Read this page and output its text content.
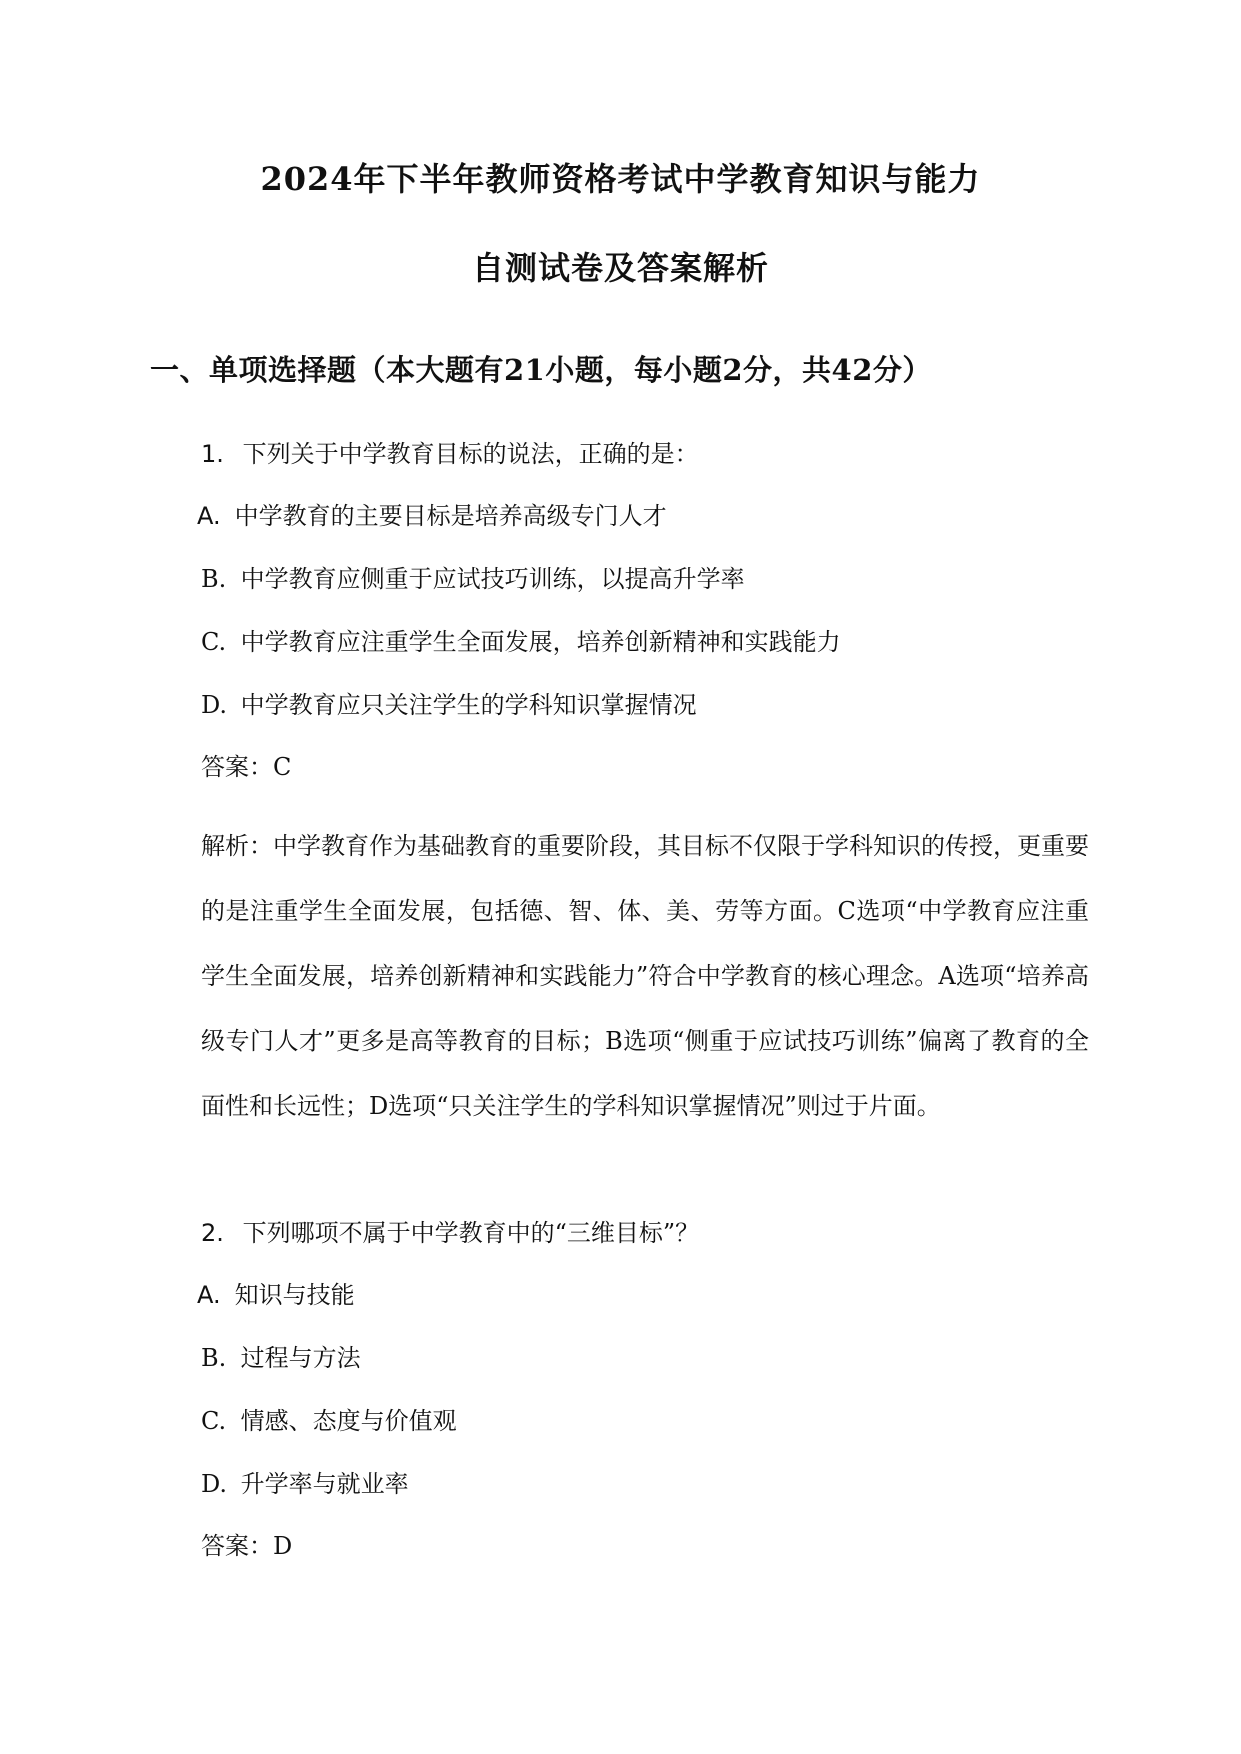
2024年下半年教师资格考试中学教育知识与能力
自测试卷及答案解析
一、单项选择题（本大题有21小题，每小题2分，共42分）
1. 下列关于中学教育目标的说法，正确的是：
A. 中学教育的主要目标是培养高级专门人才
B. 中学教育应侧重于应试技巧训练，以提高升学率
C. 中学教育应注重学生全面发展，培养创新精神和实践能力
D. 中学教育应只关注学生的学科知识掌握情况
答案：C
解析：中学教育作为基础教育的重要阶段，其目标不仅限于学科知识的传授，更重要的是注重学生全面发展，包括德、智、体、美、劳等方面。C选项“中学教育应注重学生全面发展，培养创新精神和实践能力”符合中学教育的核心理念。A选项“培养高级专门人才”更多是高等教育的目标；B选项“侧重于应试技巧训练”偏离了教育的全面性和长远性；D选项“只关注学生的学科知识掌握情况”则过于片面。
2. 下列哪项不属于中学教育中的“三维目标”？
A. 知识与技能
B. 过程与方法
C. 情感、态度与价值观
D. 升学率与就业率
答案：D
